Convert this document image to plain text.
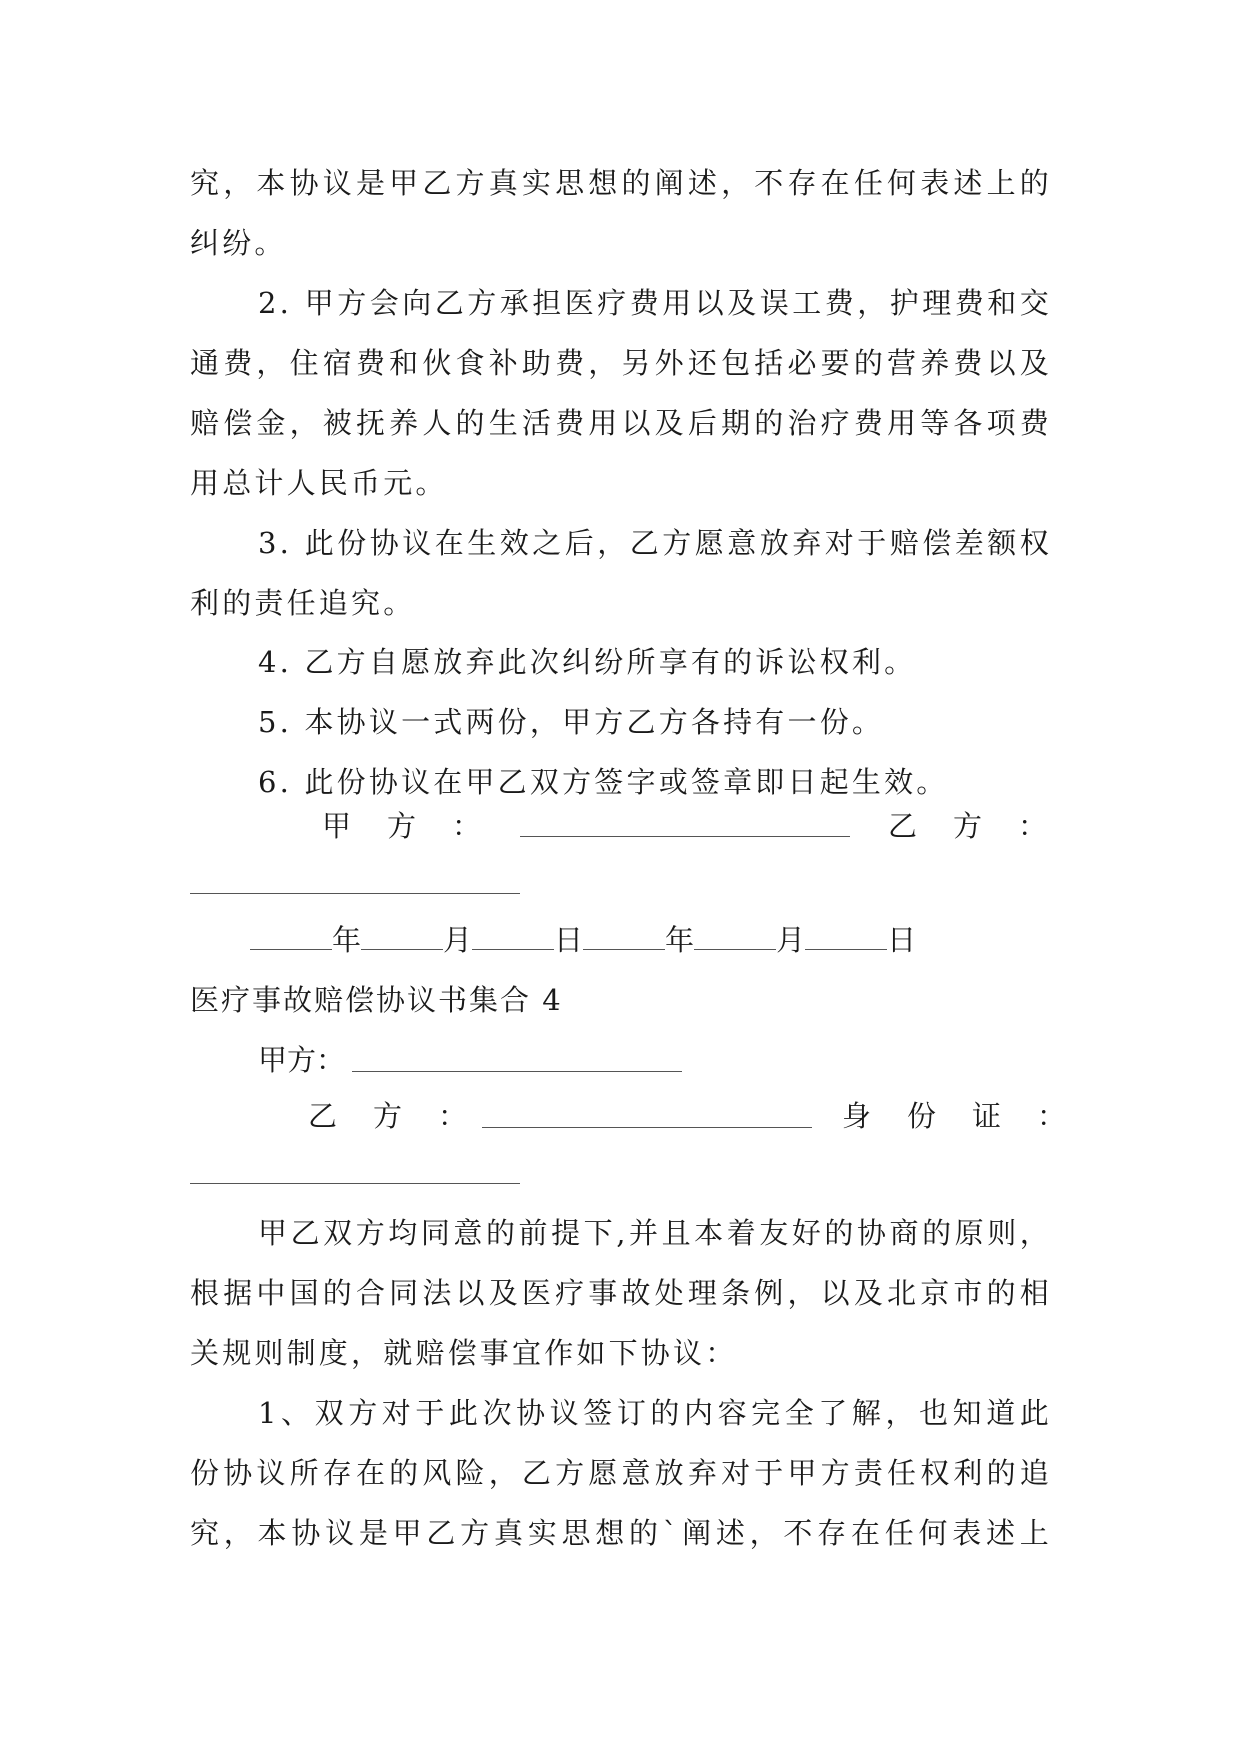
究，本协议是甲乙方真实思想的阐述，不存在任何表述上的
纠纷。
2. 甲方会向乙方承担医疗费用以及误工费，护理费和交
通费，住宿费和伙食补助费，另外还包括必要的营养费以及
赔偿金，被抚养人的生活费用以及后期的治疗费用等各项费
用总计人民币元。
3. 此份协议在生效之后，乙方愿意放弃对于赔偿差额权
利的责任追究。
4. 乙方自愿放弃此次纠纷所享有的诉讼权利。
5. 本协议一式两份，甲方乙方各持有一份。
6. 此份协议在甲乙双方签字或签章即日起生效。
甲方：	乙方：
年	月	日	年	月	日
医疗事故赔偿协议书集合 4
甲方：
乙方：	身份证：
甲乙双方均同意的前提下,并且本着友好的协商的原则，
根据中国的合同法以及医疗事故处理条例，以及北京市的相
关规则制度，就赔偿事宜作如下协议：
1、双方对于此次协议签订的内容完全了解，也知道此
份协议所存在的风险，乙方愿意放弃对于甲方责任权利的追
究，本协议是甲乙方真实思想的`阐述，不存在任何表述上
